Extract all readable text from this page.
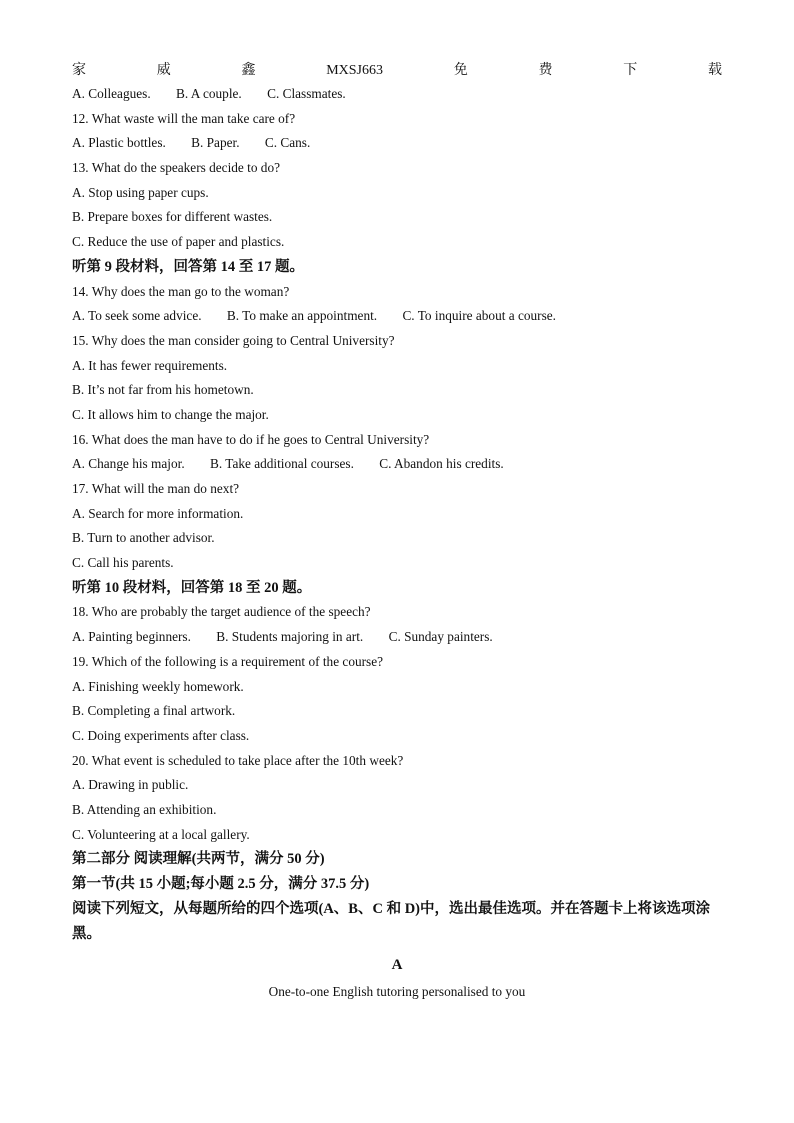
家	威	鑫	MXSJ663	免	费	下	载
A. Colleagues. B. A couple. C. Classmates.
12. What waste will the man take care of?
A. Plastic bottles. B. Paper. C. Cans.
13. What do the speakers decide to do?
A. Stop using paper cups.
B. Prepare boxes for different wastes.
C. Reduce the use of paper and plastics.
听第 9 段材料，回答第 14 至 17 题。
14. Why does the man go to the woman?
A. To seek some advice. B. To make an appointment. C. To inquire about a course.
15. Why does the man consider going to Central University?
A. It has fewer requirements.
B. It’s not far from his hometown.
C. It allows him to change the major.
16. What does the man have to do if he goes to Central University?
A. Change his major. B. Take additional courses. C. Abandon his credits.
17. What will the man do next?
A. Search for more information.
B. Turn to another advisor.
C. Call his parents.
听第 10 段材料，回答第 18 至 20 题。
18. Who are probably the target audience of the speech?
A. Painting beginners. B. Students majoring in art. C. Sunday painters.
19. Which of the following is a requirement of the course?
A. Finishing weekly homework.
B. Completing a final artwork.
C. Doing experiments after class.
20. What event is scheduled to take place after the 10th week?
A. Drawing in public.
B. Attending an exhibition.
C. Volunteering at a local gallery.
第二部分 阅读理解(共两节，满分 50 分)
第一节(共 15 小题;每小题 2.5 分，满分 37.5 分)
阅读下列短文，从每题所给的四个选项(A、B、C 和 D)中，选出最佳选项。并在答题卡上将该选项涂黑。
A
One-to-one English tutoring personalised to you
